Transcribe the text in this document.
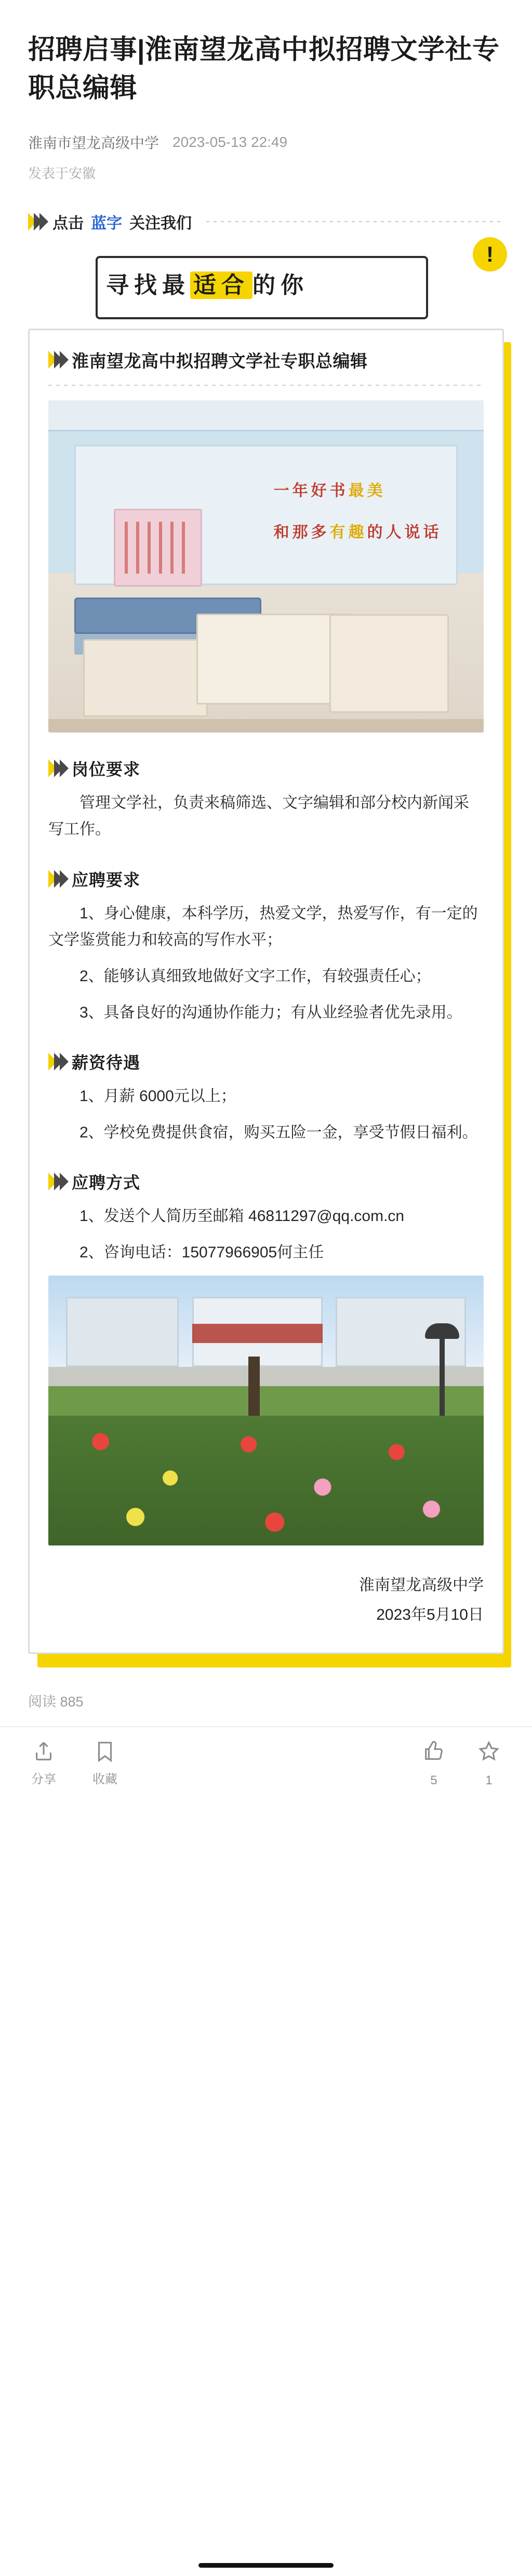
招聘启事|淮南望龙高中拟招聘文学社专职总编辑
淮南市望龙高级中学 2023-05-13 22:49
发表于安徽
点击 蓝字 关注我们
寻找最 适合 的你
!
淮南望龙高中拟招聘文学社专职总编辑
一年好书最美
和那多有趣的人说话
岗位要求

管理文学社，负责来稿筛选、文字编辑和部分校内新闻采写工作。

应聘要求

1、身心健康，本科学历，热爱文学，热爱写作，有一定的文学鉴赏能力和较高的写作水平；

2、能够认真细致地做好文字工作，有较强责任心；

3、具备良好的沟通协作能力；有从业经验者优先录用。

薪资待遇

1、月薪 6000元以上；

2、学校免费提供食宿，购买五险一金，享受节假日福利。

应聘方式

1、发送个人简历至邮箱 46811297@qq.com.cn

2、咨询电话：15077966905何主任

淮南望龙高级中学
2023年5月10日
阅读 885
分享	收藏	5	1
